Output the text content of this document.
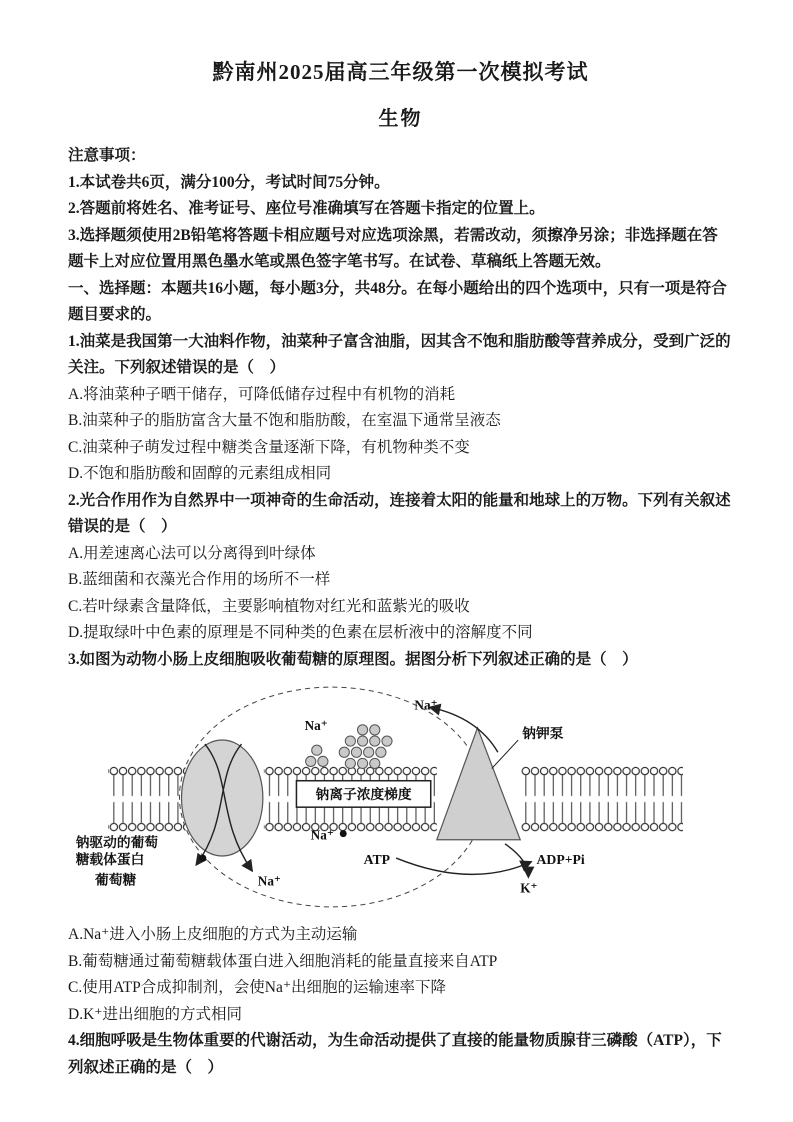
黔南州2025届高三年级第一次模拟考试
生物

注意事项：

1.本试卷共6页，满分100分，考试时间75分钟。

2.答题前将姓名、准考证号、座位号准确填写在答题卡指定的位置上。

3.选择题须使用2B铅笔将答题卡相应题号对应选项涂黑，若需改动，须擦净另涂；非选择题在答题卡上对应位置用黑色墨水笔或黑色签字笔书写。在试卷、草稿纸上答题无效。

一、选择题：本题共16小题，每小题3分，共48分。在每小题给出的四个选项中，只有一项是符合题目要求的。

1.油菜是我国第一大油料作物，油菜种子富含油脂，因其含不饱和脂肪酸等营养成分，受到广泛的关注。下列叙述错误的是（　）

A.将油菜种子晒干储存，可降低储存过程中有机物的消耗

B.油菜种子的脂肪富含大量不饱和脂肪酸，在室温下通常呈液态

C.油菜种子萌发过程中糖类含量逐渐下降，有机物种类不变

D.不饱和脂肪酸和固醇的元素组成相同

2.光合作用作为自然界中一项神奇的生命活动，连接着太阳的能量和地球上的万物。下列有关叙述错误的是（　）

A.用差速离心法可以分离得到叶绿体

B.蓝细菌和衣藻光合作用的场所不一样

C.若叶绿素含量降低，主要影响植物对红光和蓝紫光的吸收

D.提取绿叶中色素的原理是不同种类的色素在层析液中的溶解度不同

3.如图为动物小肠上皮细胞吸收葡萄糖的原理图。据图分析下列叙述正确的是（　）

钠离子浓度梯度
Na⁺
Na⁺
钠钾泵
Na⁺
钠驱动的葡萄
糖载体蛋白
葡萄糖	Na⁺
ATP	ADP+Pi
K⁺

A.Na⁺进入小肠上皮细胞的方式为主动运输

B.葡萄糖通过葡萄糖载体蛋白进入细胞消耗的能量直接来自ATP

C.使用ATP合成抑制剂，会使Na⁺出细胞的运输速率下降

D.K⁺进出细胞的方式相同

4.细胞呼吸是生物体重要的代谢活动，为生命活动提供了直接的能量物质腺苷三磷酸（ATP），下列叙述正确的是（　）
